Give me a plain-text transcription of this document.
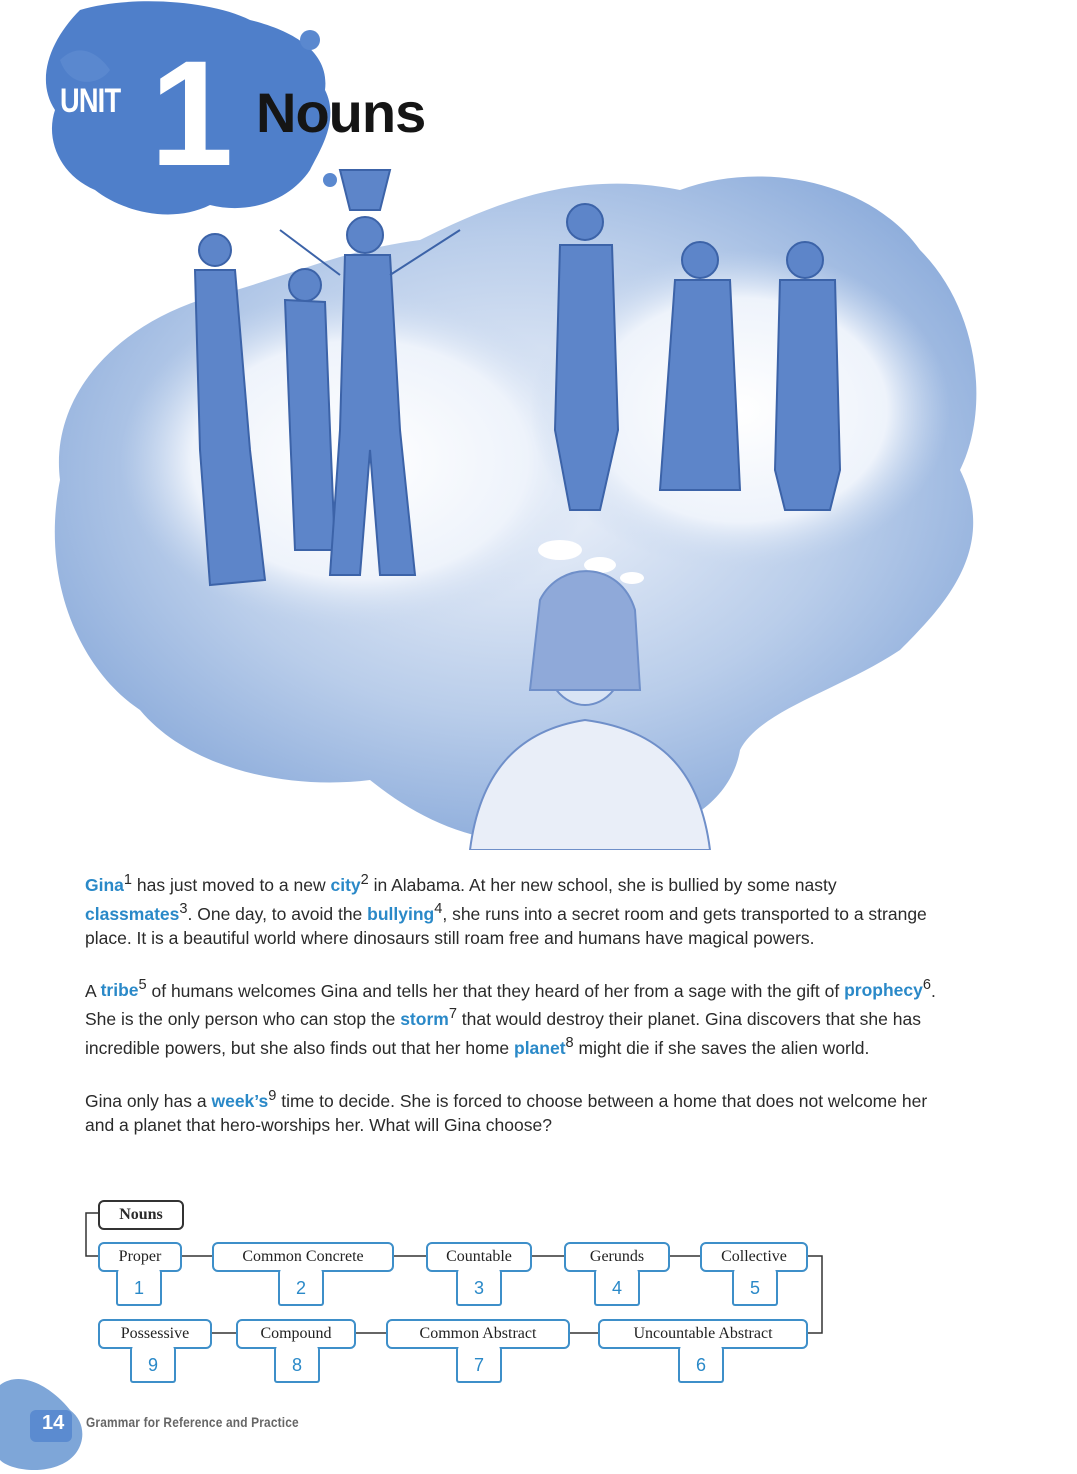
UNIT 1 Nouns

Gina$^1$ has just moved to a new city$^2$ in Alabama. At her new school, she is bullied by some nasty classmates$^3$. One day, to avoid the bullying$^4$, she runs into a secret room and gets transported to a strange place. It is a beautiful world where dinosaurs still roam free and humans have magical powers.

A tribe$^5$ of humans welcomes Gina and tells her that they heard of her from a sage with the gift of prophecy$^6$. She is the only person who can stop the storm$^7$ that would destroy their planet. Gina discovers that she has incredible powers, but she also finds out that her home planet$^8$ might die if she saves the alien world.

Gina only has a $week’s^9$ time to decide. She is forced to choose between a home that does not welcome her and a planet that hero-worships her. What will Gina choose?

Nouns
Proper
1
Common Concrete
2
Countable
3
Gerunds
4
Collective
5
Possessive
9
Compound
8
Common Abstract
7
Uncountable Abstract
6
14 Grammar for Reference and Practice
